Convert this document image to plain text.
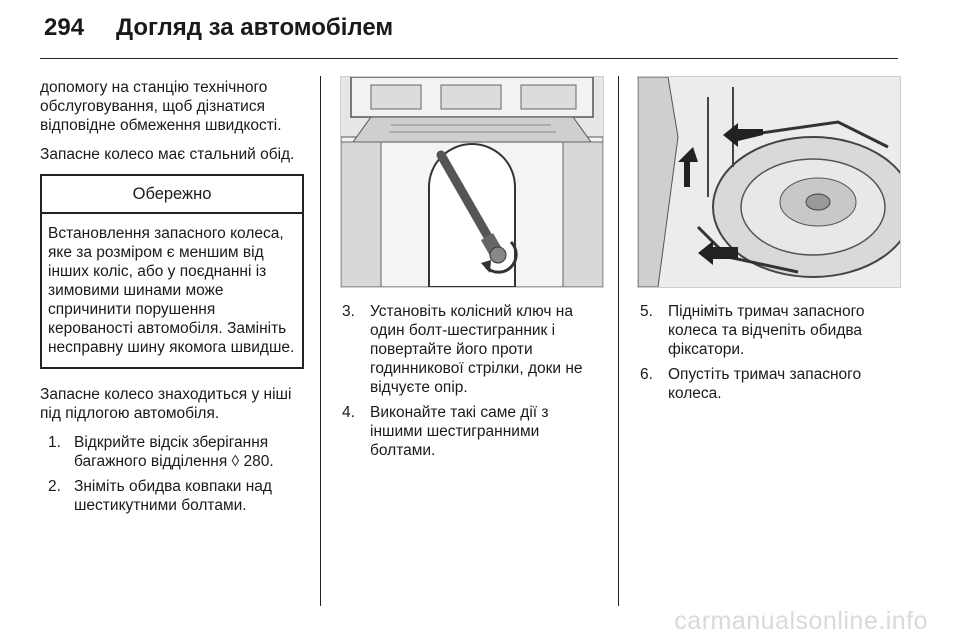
294 Догляд за автомобілем

допомогу на станцію технічного обслуговування, щоб дізнатися відповідне обмеження швидкості.

Запасне колесо має стальний обід.

Обережно
Встановлення запасного колеса, яке за розміром є меншим від інших коліс, або у поєднанні із зимовими шинами може спричинити порушення керованості автомобіля. Замініть несправну шину якомога швидше.

Запасне колесо знаходиться у ніші під підлогою автомобіля.

1. Відкрийте відсік зберігання багажного відділення ◊ 280.
2. Зніміть обидва ковпаки над шестикутними болтами.
3. Установіть колісний ключ на один болт-шестигранник і повертайте його проти годинникової стрілки, доки не відчуєте опір.
4. Виконайте такі саме дії з іншими шестигранними болтами.
5. Підніміть тримач запасного колеса та відчепіть обидва фіксатори.
6. Опустіть тримач запасного колеса.
carmanualsonline.info
